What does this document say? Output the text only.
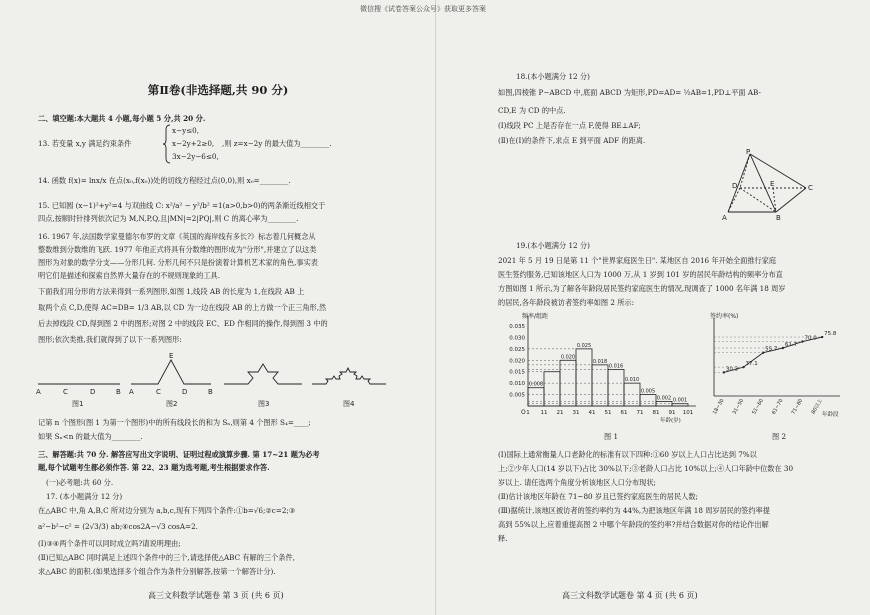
微信搜《试卷答案公众号》获取更多答案
第Ⅱ卷(非选择题,共 90 分)
二、填空题:本大题共 4 小题,每小题 5 分,共 20 分.
13. 若变量 x,y 满足约束条件
x−y≤0,
x−2y+2≥0,
3x−2y−6≤0,
,则 z=x−2y 的最大值为________.
14. 函数 f(x)= lnx/x 在点(x₀,f(x₀))处的切线方程经过点(0,0),则 x₀=________.
15. 已知圆 (x−1)²+y²=4 与双曲线 C: x²/a² − y²/b² =1(a>0,b>0)的两条渐近线相交于
四点,按顺时针排列依次记为 M,N,P,Q,且|MN|=2|PQ|,则 C 的离心率为________.
16. 1967 年,法国数学家曼德尔布罗的文章《英国的海岸线有多长?》标志着几何概念从
整数维到分数维的飞跃. 1977 年他正式将具有分数维的图形成为"分形",并建立了以这类
图形为对象的数学分支——分形几何. 分形几何不只是扮演着计算机艺术家的角色,事实表
明它们是描述和探索自然界大量存在的不规则现象的工具.
下面我们用分形的方法来得到一系列图形,如图 1,线段 AB 的长度为 1,在线段 AB 上
取两个点 C,D,使得 AC=DB= 1/3 AB,以 CD 为一边在线段 AB 的上方做一个正三角形,然
后去掉线段 CD,得到图 2 中的图形;对图 2 中的线段 EC、ED 作相同的操作,得到图 3 中的
图形;依次类推,我们就得到了以下一系列图形:
A	C	D	B A	C
E
D	B
图1	图2	图3	图4
记第 n 个图形(图 1 为第一个图形)中的所有线段长的和为 Sₙ,则第 4 个图形 S₄=____;
如果 Sₙ<n 的最大值为________.
三、解答题:共 70 分. 解答应写出文字说明、证明过程或演算步骤. 第 17~21 题为必考
题,每个试题考生都必须作答. 第 22、23 题为选考题,考生根据要求作答.
(一)必考题:共 60 分.
17. (本小题满分 12 分)
在△ABC 中,角 A,B,C 所对边分别为 a,b,c,现有下列四个条件:①b=√6;②c=2;③
a²−b²−c² = (2√3/3) ab;④cos2A−√3 cosA=2.
(Ⅰ)③④两个条件可以同时成立吗?请说明理由;
(Ⅱ)已知△ABC 同时满足上述四个条件中的三个,请选择使△ABC 有解的三个条件,
求△ABC 的面积.(如果选择多个组合作为条件分别解答,按第一个解答计分).
高三文科数学试题卷 第 3 页 (共 6 页)
18.(本小题满分 12 分)
如图,四棱锥 P−ABCD 中,底面 ABCD 为矩形,PD=AD= ½AB=1,PD⊥平面 AB-
CD,E 为 CD 的中点.
(Ⅰ)线段 PC 上是否存在一点 F,使得 BE⊥AF;
(Ⅱ)在(Ⅰ)的条件下,求点 E 到平面 ADF 的距离.
P
A	B
C
D	E
19.(本小题满分 12 分)
2021 年 5 月 19 日是第 11 个"世界家庭医生日". 某地区自 2016 年开始全面推行家庭
医生签约服务,已知该地区人口为 1000 万,从 1 岁到 101 岁的居民年龄结构的频率分布直
方图如图 1 所示,为了解各年龄段居民签约家庭医生的情况,现调查了 1000 名年满 18 周岁
的居民,各年龄段被访者签约率如图 2 所示:
频率/组距
年龄(岁)
O
0.005
0.010
0.015
0.020
0.025
0.030
0.035
0.008
0.020
0.025
0.018
0.016
0.010
0.005
0.002 0.001
1 11 21 31 41 51 61 71 81 91 101
签约率(%)
年龄段
30.3
37.1
55.7
61.7
70.0
75.8
18~30 31~50 51~60 61~70 71~80 80以上
图 1	图 2
(Ⅰ)国际上通常衡量人口老龄化的标准有以下四种:①60 岁以上人口占比达到 7%以
上;②少年人口(14 岁以下)占比 30%以下;③老龄人口占比 10%以上;④人口年龄中位数在 30
岁以上. 请任选两个角度分析该地区人口分布现状;
(Ⅱ)估计该地区年龄在 71~80 岁且已签约家庭医生的居民人数;
(Ⅲ)据统计,该地区被访者的签约率约为 44%,为把该地区年满 18 周岁居民的签约率提
高到 55%以上,应着重提高图 2 中哪个年龄段的签约率?并结合数据对你的结论作出解
释.
高三文科数学试题卷 第 4 页 (共 6 页)
